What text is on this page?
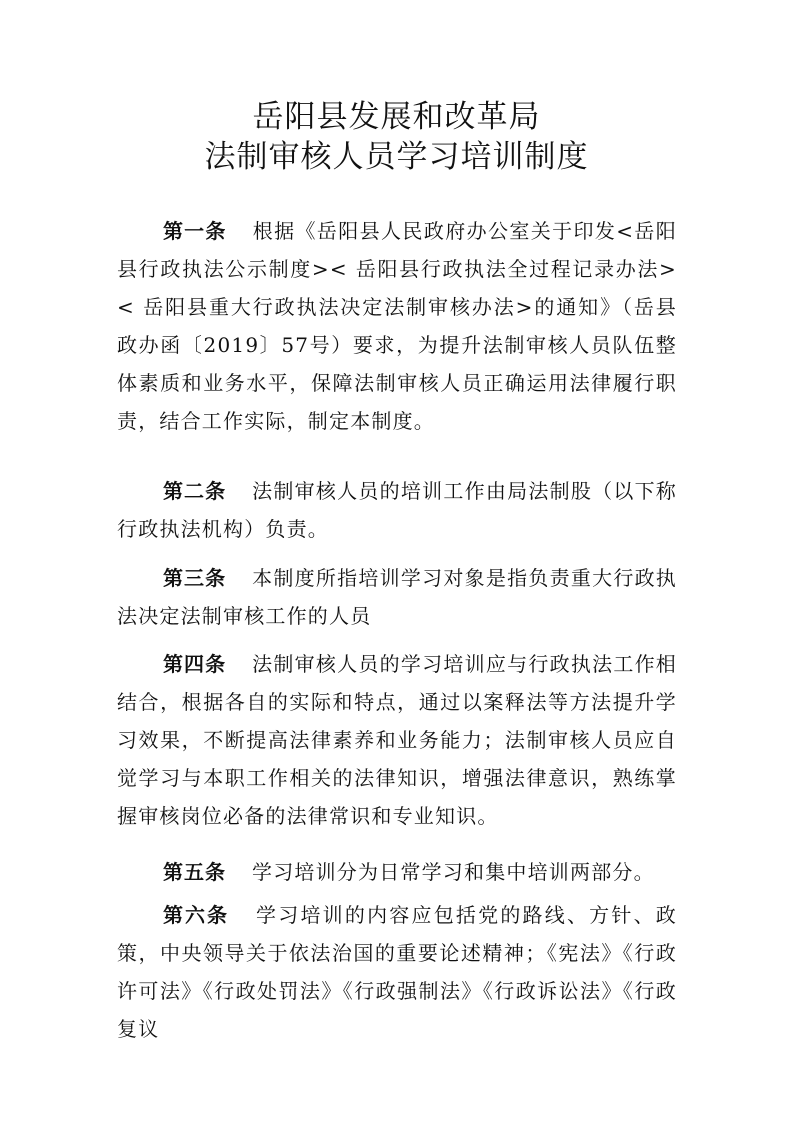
岳阳县发展和改革局
法制审核人员学习培训制度

第一条 根据《岳阳县人民政府办公室关于印发<岳阳县行政执法公示制度>< 岳阳县行政执法全过程记录办法>< 岳阳县重大行政执法决定法制审核办法>的通知》（岳县政办函〔2019〕57号）要求，为提升法制审核人员队伍整体素质和业务水平，保障法制审核人员正确运用法律履行职责，结合工作实际，制定本制度。

第二条 法制审核人员的培训工作由局法制股（以下称行政执法机构）负责。

第三条 本制度所指培训学习对象是指负责重大行政执法决定法制审核工作的人员

第四条 法制审核人员的学习培训应与行政执法工作相结合，根据各自的实际和特点，通过以案释法等方法提升学习效果，不断提高法律素养和业务能力；法制审核人员应自觉学习与本职工作相关的法律知识，增强法律意识，熟练掌握审核岗位必备的法律常识和专业知识。

第五条 学习培训分为日常学习和集中培训两部分。

第六条 学习培训的内容应包括党的路线、方针、政策，中央领导关于依法治国的重要论述精神；《宪法》《行政许可法》《行政处罚法》《行政强制法》《行政诉讼法》《行政复议
